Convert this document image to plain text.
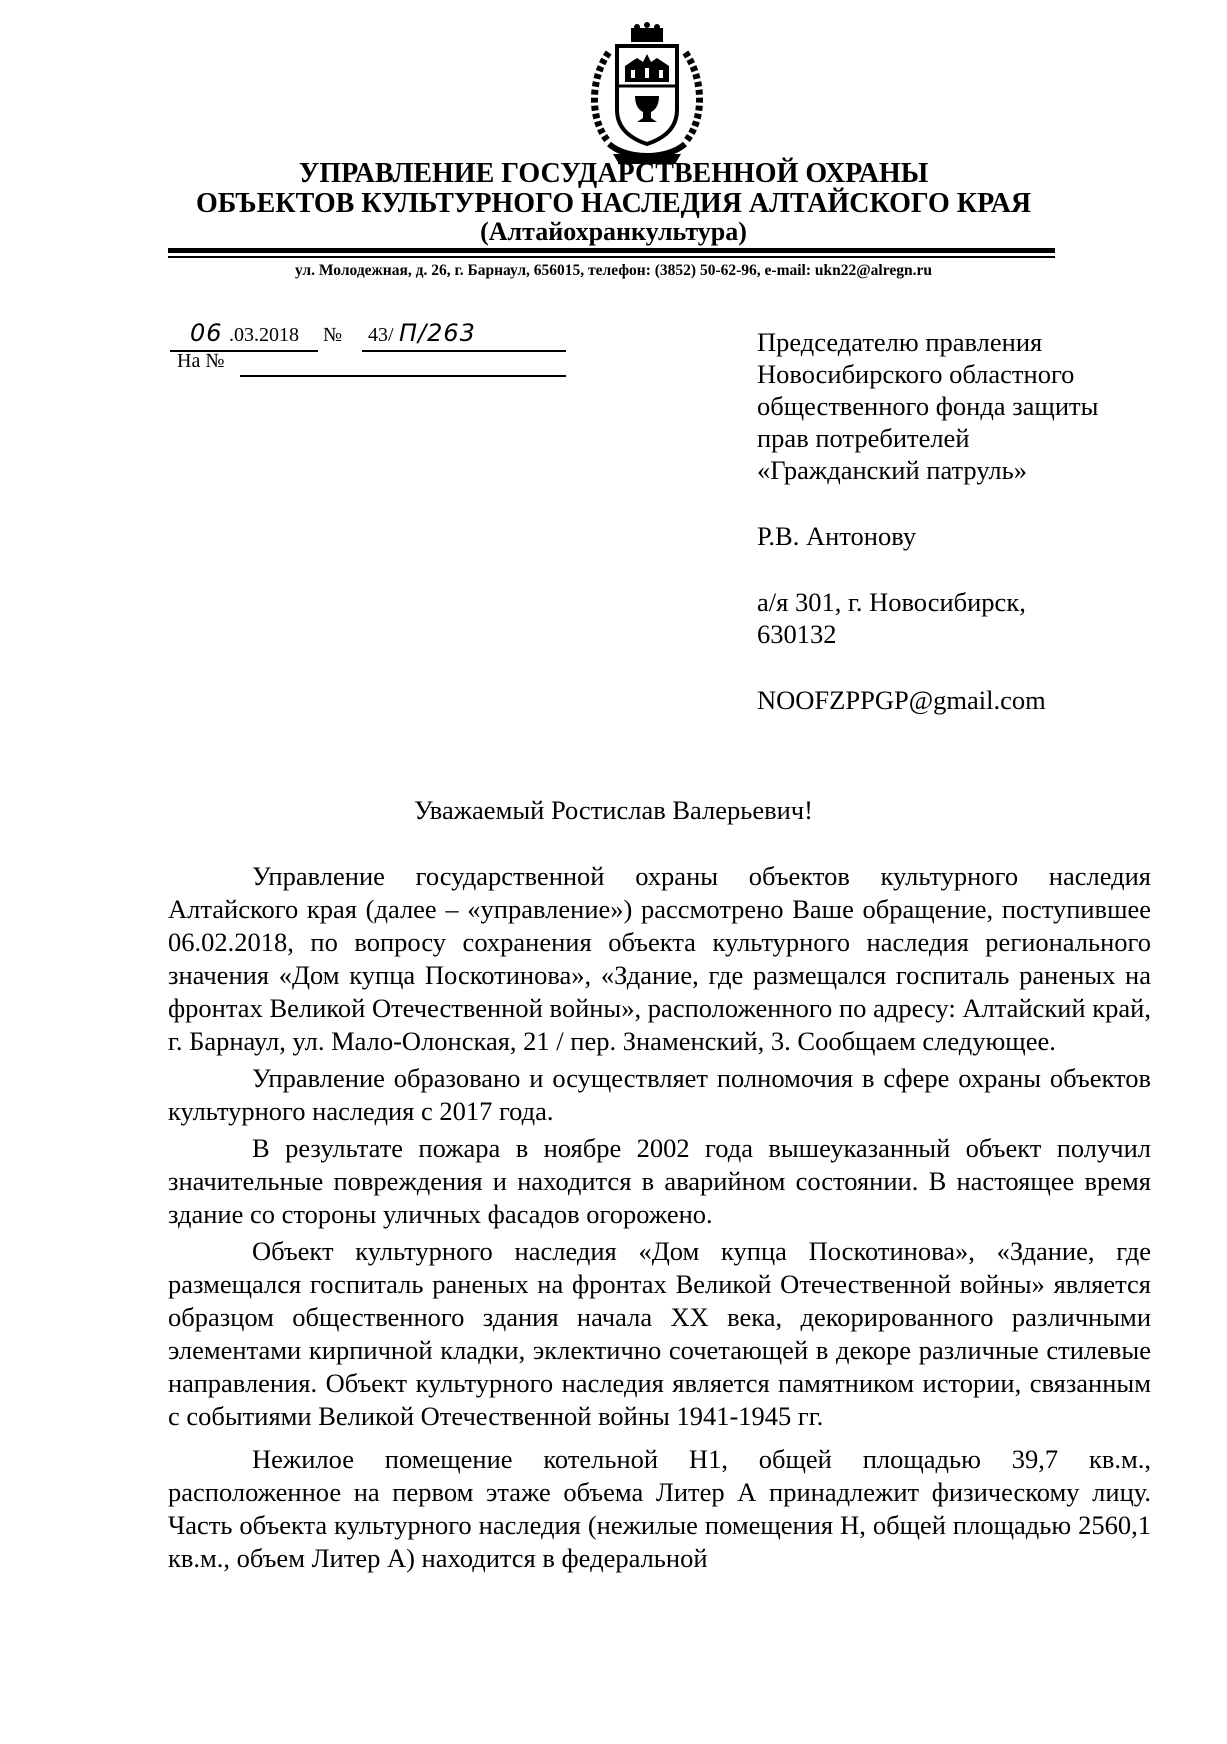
УПРАВЛЕНИЕ ГОСУДАРСТВЕННОЙ ОХРАНЫ
ОБЪЕКТОВ КУЛЬТУРНОГО НАСЛЕДИЯ АЛТАЙСКОГО КРАЯ
(Алтайохранкультура)
ул. Молодежная, д. 26, г. Барнаул, 656015, телефон: (3852) 50-62-96, e-mail: ukn22@alregn.ru
06 .03.2018 № 43/ П/263
На №
Председателю правления
Новосибирского областного
общественного фонда защиты
прав потребителей
«Гражданский патруль»
Р.В. Антонову
а/я 301, г. Новосибирск,
630132
NOOFZPPGP@gmail.com
Уважаемый Ростислав Валерьевич!

Управление государственной охраны объектов культурного наследия Алтайского края (далее – «управление») рассмотрено Ваше обращение, поступившее 06.02.2018, по вопросу сохранения объекта культурного наследия регионального значения «Дом купца Поскотинова», «Здание, где размещался госпиталь раненых на фронтах Великой Отечественной войны», расположенного по адресу: Алтайский край, г. Барнаул, ул. Мало-Олонская, 21 / пер. Знаменский, 3. Сообщаем следующее.

Управление образовано и осуществляет полномочия в сфере охраны объектов культурного наследия с 2017 года.

В результате пожара в ноябре 2002 года вышеуказанный объект получил значительные повреждения и находится в аварийном состоянии. В настоящее время здание со стороны уличных фасадов огорожено.

Объект культурного наследия «Дом купца Поскотинова», «Здание, где размещался госпиталь раненых на фронтах Великой Отечественной войны» является образцом общественного здания начала XX века, декорированного различными элементами кирпичной кладки, эклектично сочетающей в декоре различные стилевые направления. Объект культурного наследия является памятником истории, связанным с событиями Великой Отечественной войны 1941-1945 гг.

Нежилое помещение котельной Н1, общей площадью 39,7 кв.м., расположенное на первом этаже объема Литер А принадлежит физическому лицу. Часть объекта культурного наследия (нежилые помещения Н, общей площадью 2560,1 кв.м., объем Литер А) находится в федеральной
